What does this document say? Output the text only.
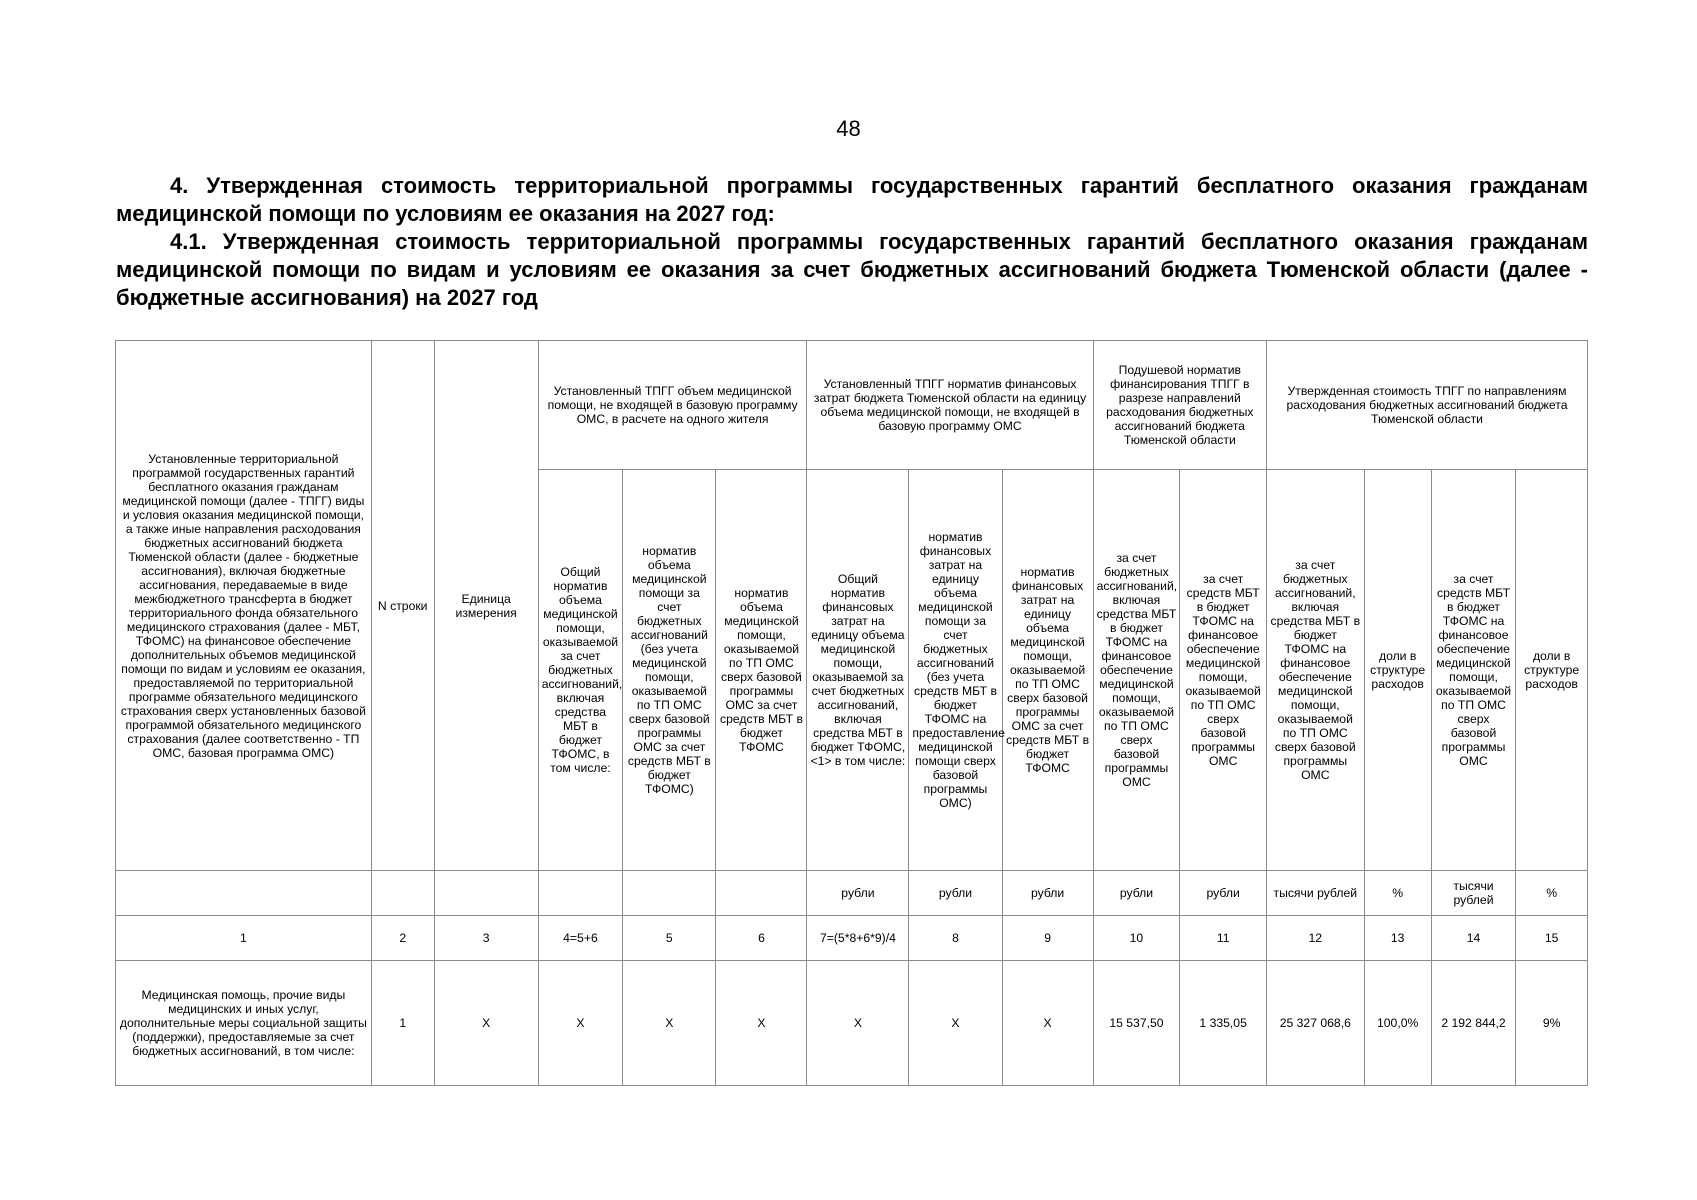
48
4. Утвержденная стоимость территориальной программы государственных гарантий бесплатного оказания гражданам медицинской помощи по условиям ее оказания на 2027 год:
4.1. Утвержденная стоимость территориальной программы государственных гарантий бесплатного оказания гражданам медицинской помощи по видам и условиям ее оказания за счет бюджетных ассигнований бюджета Тюменской области (далее - бюджетные ассигнования) на 2027 год
Установленные территориальной программой государственных гарантий бесплатного оказания гражданам медицинской помощи (далее - ТПГГ) виды и условия оказания медицинской помощи, а также иные направления расходования бюджетных ассигнований бюджета Тюменской области (далее - бюджетные ассигнования), включая бюджетные ассигнования, передаваемые в виде межбюджетного трансферта в бюджет территориального фонда обязательного медицинского страхования (далее - МБТ, ТФОМС) на финансовое обеспечение дополнительных объемов медицинской помощи по видам и условиям ее оказания, предоставляемой по территориальной программе обязательного медицинского страхования сверх установленных базовой программой обязательного медицинского страхования (далее соответственно - ТП ОМС, базовая программа ОМС)	N строки	Единица измерения	Установленный ТПГГ объем медицинской помощи, не входящей в базовую программу ОМС, в расчете на одного жителя			Установленный ТПГГ норматив финансовых затрат бюджета Тюменской области на единицу объема медицинской помощи, не входящей в базовую программу ОМС			Подушевой норматив финансирования ТПГГ в разрезе направлений расходования бюджетных ассигнований бюджета Тюменской области		Утвержденная стоимость ТПГГ по направлениям расходования бюджетных ассигнований бюджета Тюменской области			
			Общий норматив объема медицинской помощи, оказываемой за счет бюджетных ассигнований, включая средства МБТ в бюджет ТФОМС, в том числе:	норматив объема медицинской помощи за счет бюджетных ассигнований (без учета медицинской помощи, оказываемой по ТП ОМС сверх базовой программы ОМС за счет средств МБТ в бюджет ТФОМС)	норматив объема медицинской помощи, оказываемой по ТП ОМС сверх базовой программы ОМС за счет средств МБТ в бюджет ТФОМС	Общий норматив финансовых затрат на единицу объема медицинской помощи, оказываемой за счет бюджетных ассигнований, включая средства МБТ в бюджет ТФОМС, <1> в том числе:	норматив финансовых затрат на единицу объема медицинской помощи за счет бюджетных ассигнований (без учета средств МБТ в бюджет ТФОМС на предоставление медицинской помощи сверх базовой программы ОМС)	норматив финансовых затрат на единицу объема медицинской помощи, оказываемой по ТП ОМС сверх базовой программы ОМС за счет средств МБТ в бюджет ТФОМС	за счет бюджетных ассигнований, включая средства МБТ в бюджет ТФОМС на финансовое обеспечение медицинской помощи, оказываемой по ТП ОМС сверх базовой программы ОМС	за счет средств МБТ в бюджет ТФОМС на финансовое обеспечение медицинской помощи, оказываемой по ТП ОМС сверх базовой программы ОМС	за счет бюджетных ассигнований, включая средства МБТ в бюджет ТФОМС на финансовое обеспечение медицинской помощи, оказываемой по ТП ОМС сверх базовой программы ОМС	доли в структуре расходов	за счет средств МБТ в бюджет ТФОМС на финансовое обеспечение медицинской помощи, оказываемой по ТП ОМС сверх базовой программы ОМС	доли в структуре расходов
						рубли	рубли	рубли	рубли	рубли	тысячи рублей	%	тысячи рублей	%
1	2	3	4=5+6	5	6	7=(5*8+6*9)/4	8	9	10	11	12	13	14	15
Медицинская помощь, прочие виды медицинских и иных услуг, дополнительные меры социальной защиты (поддержки), предоставляемые за счет бюджетных ассигнований, в том числе:	1	X	X	X	X	X	X	X	15 537,50	1 335,05	25 327 068,6	100,0%	2 192 844,2	9%
